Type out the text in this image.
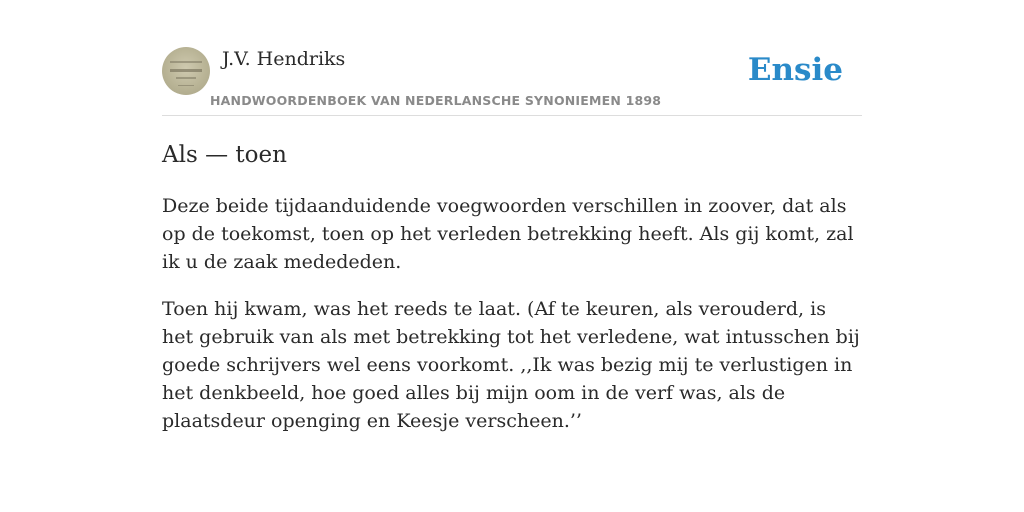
J.V. Hendriks
HANDWOORDENBOEK VAN NEDERLANSCHE SYNONIEMEN 1898
Ensie
Als — toen

Deze beide tijdaanduidende voegwoorden verschillen in zoover, dat als op de toekomst, toen op het verleden betrekking heeft. Als gij komt, zal ik u de zaak medededen.

Toen hij kwam, was het reeds te laat. (Af te keuren, als verouderd, is het gebruik van als met betrekking tot het verledene, wat intusschen bij goede schrijvers wel eens voorkomt. ,,Ik was bezig mij te verlustigen in het denkbeeld, hoe goed alles bij mijn oom in de verf was, als de plaatsdeur openging en Keesje verscheen.’’
